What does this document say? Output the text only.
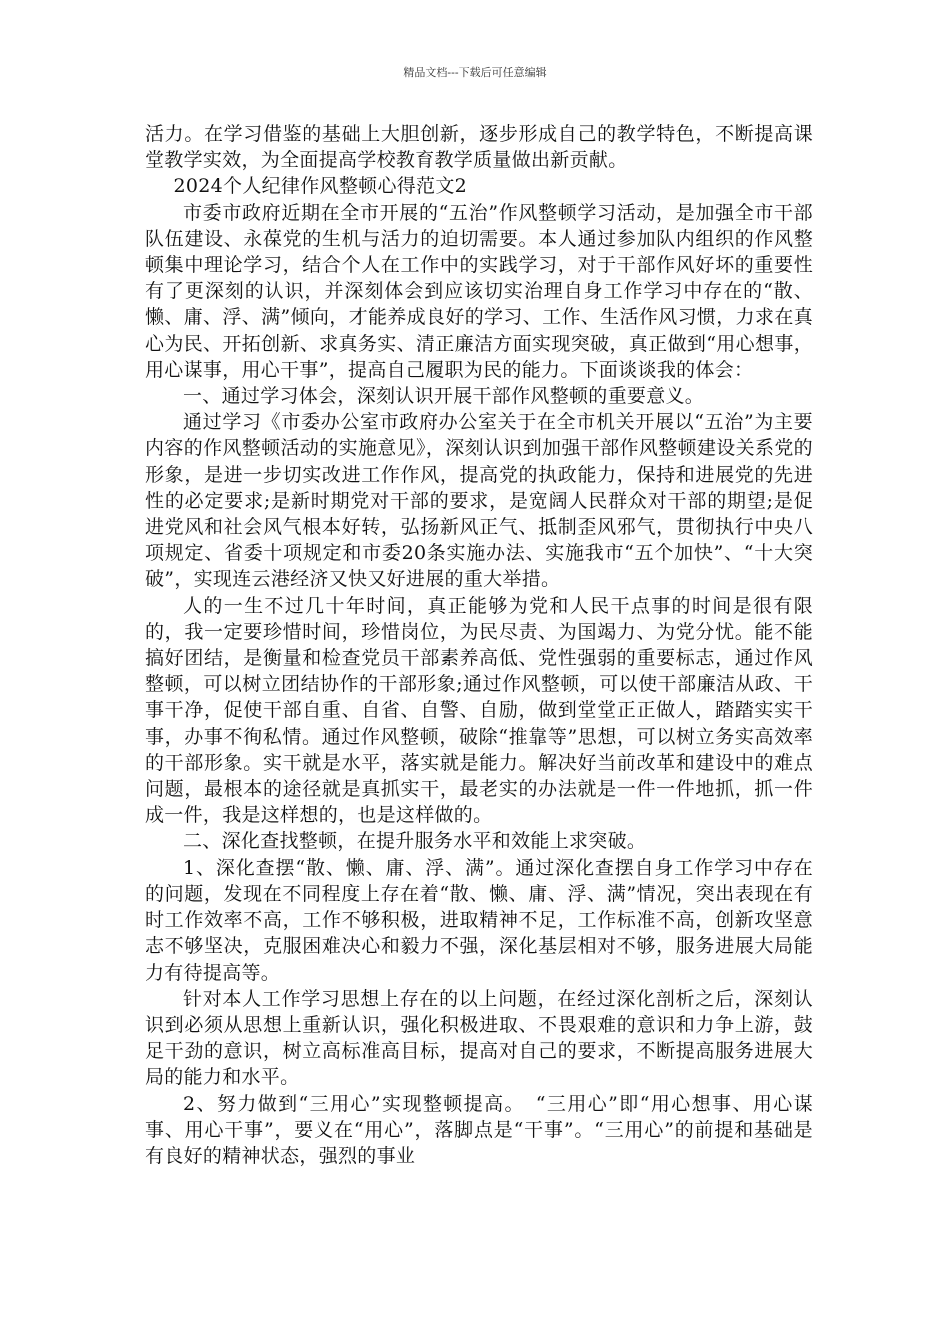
精品文档---下载后可任意编辑

活力。在学习借鉴的基础上大胆创新，逐步形成自己的教学特色，不断提高课堂教学实效，为全面提高学校教育教学质量做出新贡献。

2024个人纪律作风整顿心得范文2

市委市政府近期在全市开展的“五治”作风整顿学习活动，是加强全市干部队伍建设、永葆党的生机与活力的迫切需要。本人通过参加队内组织的作风整顿集中理论学习，结合个人在工作中的实践学习，对于干部作风好坏的重要性有了更深刻的认识，并深刻体会到应该切实治理自身工作学习中存在的“散、懒、庸、浮、满”倾向，才能养成良好的学习、工作、生活作风习惯，力求在真心为民、开拓创新、求真务实、清正廉洁方面实现突破，真正做到“用心想事，用心谋事，用心干事”，提高自己履职为民的能力。下面谈谈我的体会：

一、通过学习体会，深刻认识开展干部作风整顿的重要意义。

通过学习《市委办公室市政府办公室关于在全市机关开展以“五治”为主要内容的作风整顿活动的实施意见》，深刻认识到加强干部作风整顿建设关系党的形象，是进一步切实改进工作作风，提高党的执政能力，保持和进展党的先进性的必定要求;是新时期党对干部的要求，是宽阔人民群众对干部的期望;是促进党风和社会风气根本好转，弘扬新风正气、抵制歪风邪气，贯彻执行中央八项规定、省委十项规定和市委20条实施办法、实施我市“五个加快”、“十大突破”，实现连云港经济又快又好进展的重大举措。

人的一生不过几十年时间，真正能够为党和人民干点事的时间是很有限的，我一定要珍惜时间，珍惜岗位，为民尽责、为国竭力、为党分忧。能不能搞好团结，是衡量和检查党员干部素养高低、党性强弱的重要标志，通过作风整顿，可以树立团结协作的干部形象;通过作风整顿，可以使干部廉洁从政、干事干净，促使干部自重、自省、自警、自励，做到堂堂正正做人，踏踏实实干事，办事不徇私情。通过作风整顿，破除“推靠等”思想，可以树立务实高效率的干部形象。实干就是水平，落实就是能力。解决好当前改革和建设中的难点问题，最根本的途径就是真抓实干，最老实的办法就是一件一件地抓，抓一件成一件，我是这样想的，也是这样做的。

二、深化查找整顿，在提升服务水平和效能上求突破。

1、深化查摆“散、懒、庸、浮、满”。通过深化查摆自身工作学习中存在的问题，发现在不同程度上存在着“散、懒、庸、浮、满”情况，突出表现在有时工作效率不高，工作不够积极，进取精神不足，工作标准不高，创新攻坚意志不够坚决，克服困难决心和毅力不强，深化基层相对不够，服务进展大局能力有待提高等。

针对本人工作学习思想上存在的以上问题，在经过深化剖析之后，深刻认识到必须从思想上重新认识，强化积极进取、不畏艰难的意识和力争上游，鼓足干劲的意识，树立高标准高目标，提高对自己的要求，不断提高服务进展大局的能力和水平。

2、努力做到“三用心”实现整顿提高。　“三用心”即“用心想事、用心谋事、用心干事”，要义在“用心”，落脚点是“干事”。“三用心”的前提和基础是有良好的精神状态，强烈的事业
